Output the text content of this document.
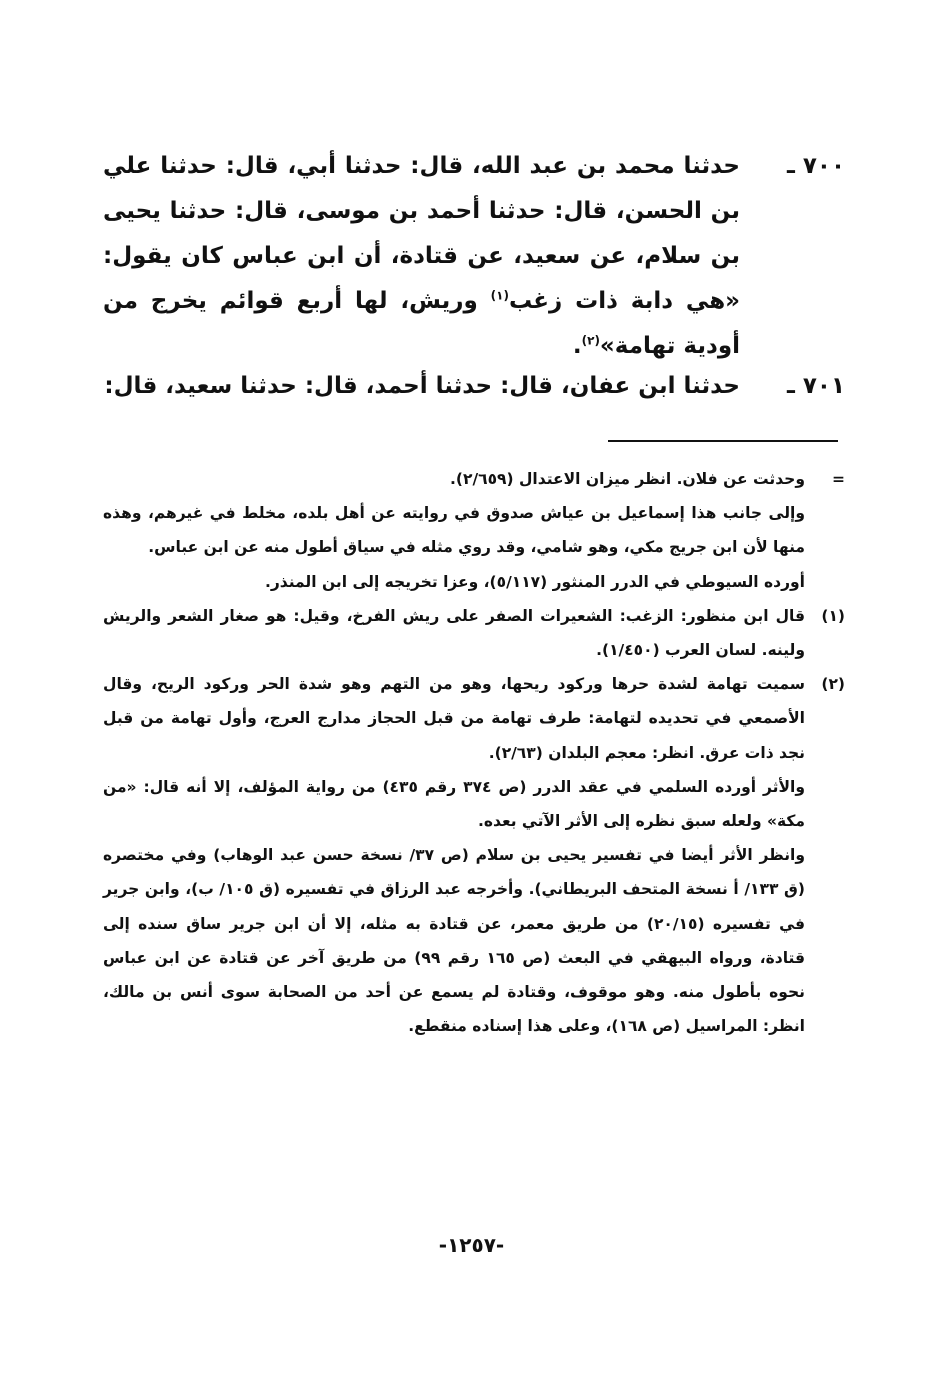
٧٠٠ ـ
حدثنا محمد بن عبد الله، قال: حدثنا أبي، قال: حدثنا علي بن الحسن، قال: حدثنا أحمد بن موسى، قال: حدثنا يحيى بن سلام، عن سعيد، عن قتادة، أن ابن عباس كان يقول: «هي دابة ذات زغب$^{(١)}$ وريش، لها أربع قوائم يخرج من أودية تهامة»$^{(٢)}$.
٧٠١ ـ
حدثنا ابن عفان، قال: حدثنا أحمد، قال: حدثنا سعيد، قال:
=

وحدثت عن فلان. انظر ميزان الاعتدال (٢/٦٥٩).

وإلى جانب هذا إسماعيل بن عياش صدوق في روايته عن أهل بلده، مخلط في غيرهم، وهذه منها لأن ابن جريج مكي، وهو شامي، وقد روي مثله في سياق أطول منه عن ابن عباس.

أورده السيوطي في الدرر المنثور (٥/١١٧)، وعزا تخريجه إلى ابن المنذر.

(١)

قال ابن منظور: الزغب: الشعيرات الصفر على ريش الفرخ، وقيل: هو صغار الشعر والريش ولينه. لسان العرب (١/٤٥٠).

(٢)

سميت تهامة لشدة حرها وركود ريحها، وهو من التهم وهو شدة الحر وركود الريح، وقال الأصمعي في تحديده لتهامة: طرف تهامة من قبل الحجاز مدارج العرج، وأول تهامة من قبل نجد ذات عرق. انظر: معجم البلدان (٢/٦٣).

والأثر أورده السلمي في عقد الدرر (ص ٣٧٤ رقم ٤٣٥) من رواية المؤلف، إلا أنه قال: «من مكة» ولعله سبق نظره إلى الأثر الآتي بعده.

وانظر الأثر أيضا في تفسير يحيى بن سلام (ص ٣٧/ نسخة حسن عبد الوهاب) وفي مختصره (ق ١٣٣/ أ نسخة المتحف البريطاني). وأخرجه عبد الرزاق في تفسيره (ق ١٠٥/ ب)، وابن جرير في تفسيره (٢٠/١٥) من طريق معمر، عن قتادة به مثله، إلا أن ابن جرير ساق سنده إلى قتادة، ورواه البيهقي في البعث (ص ١٦٥ رقم ٩٩) من طريق آخر عن قتادة عن ابن عباس نحوه بأطول منه. وهو موقوف، وقتادة لم يسمع عن أحد من الصحابة سوى أنس بن مالك، انظر: المراسيل (ص ١٦٨)، وعلى هذا إسناده منقطع.

-١٢٥٧-
